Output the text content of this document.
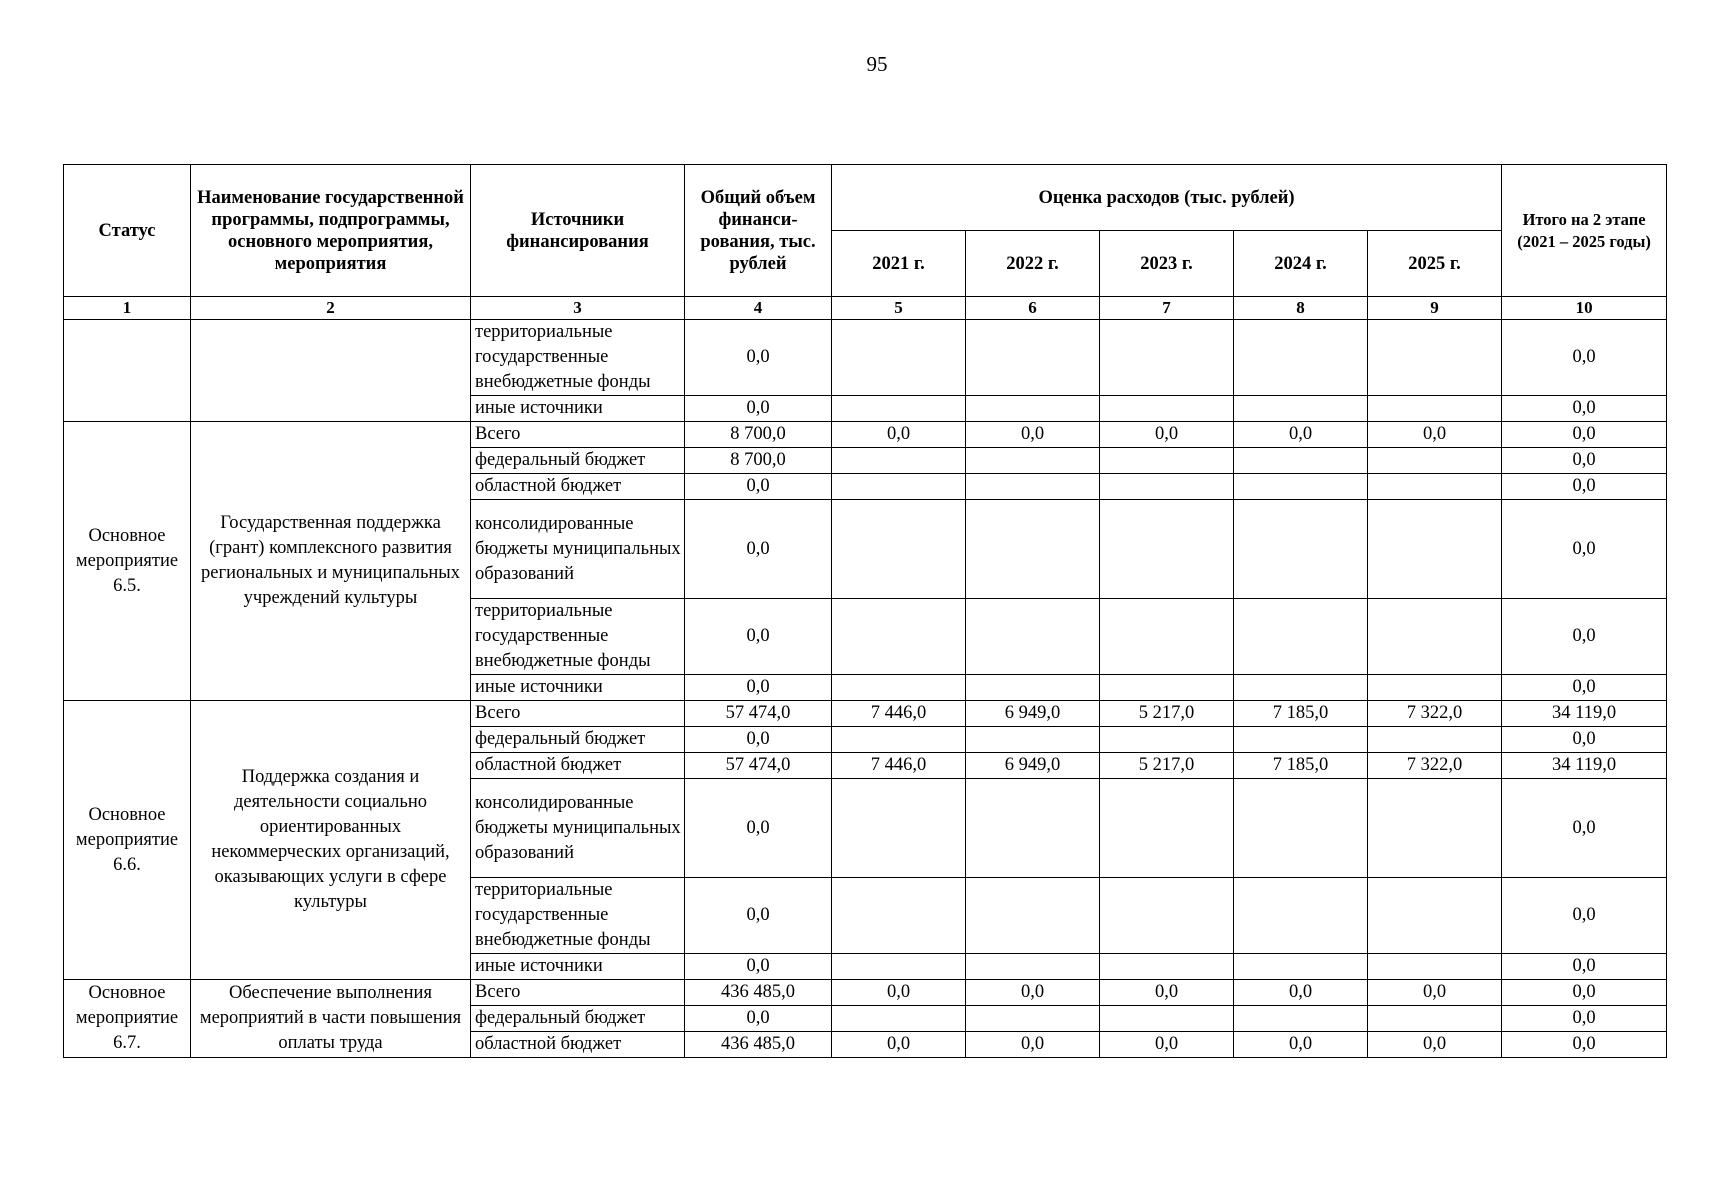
95
Статус	Наименование государственной программы, подпрограммы, основного мероприятия, мероприятия	Источники финансирования	Общий объем финанси-рования, тыс. рублей	Оценка расходов (тыс. рублей)					Итого на 2 этапе (2021 – 2025 годы)
				2021 г.	2022 г.	2023 г.	2024 г.	2025 г.	
1	2	3	4	5	6	7	8	9	10
		территориальные государственные внебюджетные фонды	0,0						0,0
		иные источники	0,0						0,0
Основное мероприятие 6.5.	Государственная поддержка (грант) комплексного развития региональных и муниципальных учреждений культуры	Всего	8 700,0	0,0	0,0	0,0	0,0	0,0	0,0
		федеральный бюджет	8 700,0						0,0
		областной бюджет	0,0						0,0
		консолидированные бюджеты муниципальных образований	0,0						0,0
		территориальные государственные внебюджетные фонды	0,0						0,0
		иные источники	0,0						0,0
Основное мероприятие 6.6.	Поддержка создания и деятельности социально ориентированных некоммерческих организаций, оказывающих услуги в сфере культуры	Всего	57 474,0	7 446,0	6 949,0	5 217,0	7 185,0	7 322,0	34 119,0
		федеральный бюджет	0,0						0,0
		областной бюджет	57 474,0	7 446,0	6 949,0	5 217,0	7 185,0	7 322,0	34 119,0
		консолидированные бюджеты муниципальных образований	0,0						0,0
		территориальные государственные внебюджетные фонды	0,0						0,0
		иные источники	0,0						0,0
Основное мероприятие 6.7.	Обеспечение выполнения мероприятий в части повышения оплаты труда	Всего	436 485,0	0,0	0,0	0,0	0,0	0,0	0,0
		федеральный бюджет	0,0						0,0
		областной бюджет	436 485,0	0,0	0,0	0,0	0,0	0,0	0,0
